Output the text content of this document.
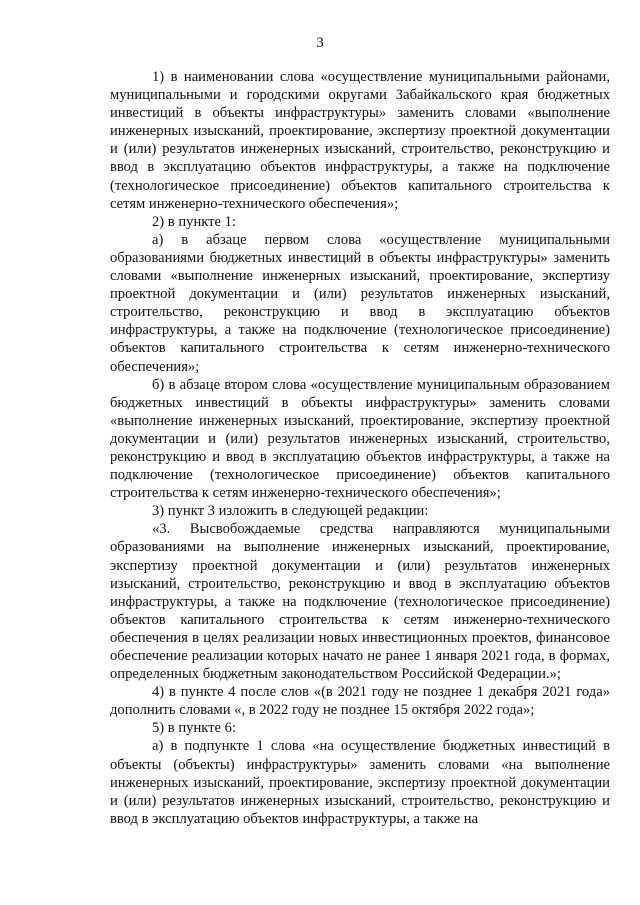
3

1) в наименовании слова «осуществление муниципальными районами, муниципальными и городскими округами Забайкальского края бюджетных инвестиций в объекты инфраструктуры» заменить словами «выполнение инженерных изысканий, проектирование, экспертизу проектной документации и (или) результатов инженерных изысканий, строительство, реконструкцию и ввод в эксплуатацию объектов инфраструктуры, а также на подключение (технологическое присоединение) объектов капитального строительства к сетям инженерно-технического обеспечения»;

2) в пункте 1:

а) в абзаце первом слова «осуществление муниципальными образованиями бюджетных инвестиций в объекты инфраструктуры» заменить словами «выполнение инженерных изысканий, проектирование, экспертизу проектной документации и (или) результатов инженерных изысканий, строительство, реконструкцию и ввод в эксплуатацию объектов инфраструктуры, а также на подключение (технологическое присоединение) объектов капитального строительства к сетям инженерно-технического обеспечения»;

б) в абзаце втором слова «осуществление муниципальным образованием бюджетных инвестиций в объекты инфраструктуры» заменить словами «выполнение инженерных изысканий, проектирование, экспертизу проектной документации и (или) результатов инженерных изысканий, строительство, реконструкцию и ввод в эксплуатацию объектов инфраструктуры, а также на подключение (технологическое присоединение) объектов капитального строительства к сетям инженерно-технического обеспечения»;

3) пункт 3 изложить в следующей редакции:

«3. Высвобождаемые средства направляются муниципальными образованиями на выполнение инженерных изысканий, проектирование, экспертизу проектной документации и (или) результатов инженерных изысканий, строительство, реконструкцию и ввод в эксплуатацию объектов инфраструктуры, а также на подключение (технологическое присоединение) объектов капитального строительства к сетям инженерно-технического обеспечения в целях реализации новых инвестиционных проектов, финансовое обеспечение реализации которых начато не ранее 1 января 2021 года, в формах, определенных бюджетным законодательством Российской Федерации.»;

4) в пункте 4 после слов «(в 2021 году не позднее 1 декабря 2021 года» дополнить словами «, в 2022 году не позднее 15 октября 2022 года»;

5) в пункте 6:

а) в подпункте 1 слова «на осуществление бюджетных инвестиций в объекты (объекты) инфраструктуры» заменить словами «на выполнение инженерных изысканий, проектирование, экспертизу проектной документации и (или) результатов инженерных изысканий, строительство, реконструкцию и ввод в эксплуатацию объектов инфраструктуры, а также на
